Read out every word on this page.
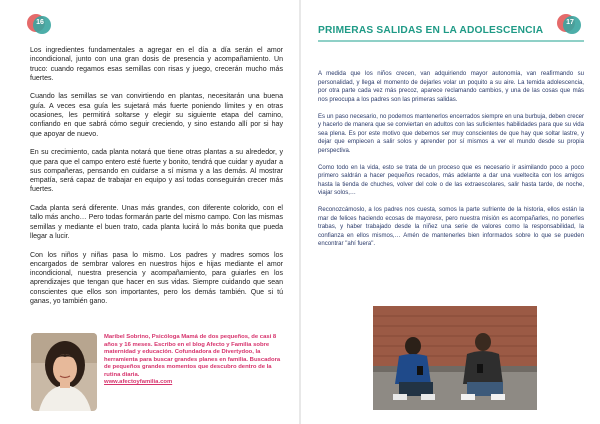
16

Los ingredientes fundamentales a agregar en el día a día serán el amor incondicional, junto con una gran dosis de presencia y acompañamiento. Un truco: cuando regamos esas semillas con risas y juego, crecerán mucho más fuertes.

Cuando las semillas se van convirtiendo en plantas, necesitarán una buena guía. A veces esa guía les sujetará más fuerte poniendo límites y en otras ocasiones, les permitirá soltarse y elegir su siguiente etapa del camino, confiando en que sabrá cómo seguir creciendo, y sino estando allí por si hay que apoyar de nuevo.

En su crecimiento, cada planta notará que tiene otras plantas a su alrededor, y que para que el campo entero esté fuerte y bonito, tendrá que cuidar y ayudar a sus compañeras, pensando en cuidarse a sí misma y a las demás. Al mostrar empatía, será capaz de trabajar en equipo y así todas conseguirán crecer más fuertes.

Cada planta será diferente. Unas más grandes, con diferente colorido, con el tallo más ancho… Pero todas formarán parte del mismo campo. Con las mismas semillas y mediante el buen trato, cada planta lucirá lo más bonita que pueda llegar a lucir.

Con los niños y niñas pasa lo mismo. Los padres y madres somos los encargados de sembrar valores en nuestros hijos e hijas mediante el amor incondicional, nuestra presencia y acompañamiento, para guiarles en los aprendizajes que tengan que hacer en sus vidas. Siempre cuidando que sean conscientes que ellos son importantes, pero los demás también. Que si tú ganas, yo también gano.

Maribel Sobrino, Psicóloga Mamá de dos pequeños, de casi 8 años y 16 meses. Escribo en el blog Afecto y Familia sobre maternidad y educación. Cofundadora de Divertydoo, la herramienta para buscar grandes planes en familia. Buscadora de pequeños grandes momentos que descubro dentro de la rutina diaria.
www.afectoyfamilia.com
PRIMERAS SALIDAS EN LA ADOLESCENCIA
17

A medida que los niños crecen, van adquiriendo mayor autonomía, van reafirmando su personalidad, y llega el momento de dejarles volar un poquito a su aire. La temida adolescencia, por otra parte cada vez más precoz, aparece reclamando cambios, y una de las cosas que más nos preocupa a los padres son las primeras salidas.

Es un paso necesario, no podemos mantenerlos encerrados siempre en una burbuja, deben crecer y hacerlo de manera que se conviertan en adultos con las suficientes habilidades para que su vida sea plena. Es por este motivo que debemos ser muy conscientes de que hay que soltar lastre, y dejar que empiecen a salir solos y aprender por sí mismos a ver el mundo desde su propia perspectiva.

Como todo en la vida, esto se trata de un proceso que es necesario ir asimilando poco a poco primero saldrán a hacer pequeños recados, más adelante a dar una vueltecita con los amigos hasta la tienda de chuches, volver del cole o de las extraescolares, salir hasta tarde, de noche, viajar solos,…

Reconozcámoslo, a los padres nos cuesta, somos la parte sufriente de la historia, ellos están la mar de felices haciendo ecosas de mayoresx, pero nuestra misión es acompañarles, no ponerles trabas, y haber trabajado desde la niñez una serie de valores como la responsabilidad, la confianza en ellos mismos,… Amén de mantenerles bien informados sobre lo que se pueden encontrar "ahí fuera".
